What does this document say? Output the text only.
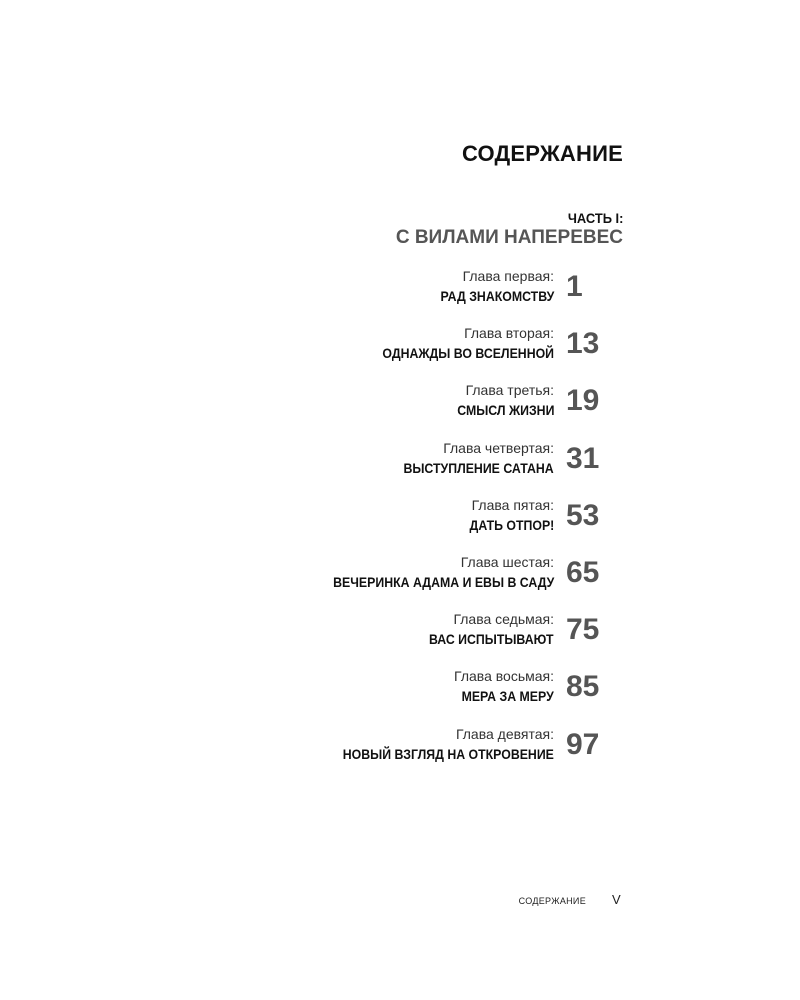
СОДЕРЖАНИЕ
ЧАСТЬ I:
С ВИЛАМИ НАПЕРЕВЕС
Глава первая:
РАД ЗНАКОМСТВУ 1
Глава вторая:
ОДНАЖДЫ ВО ВСЕЛЕННОЙ 13
Глава третья:
СМЫСЛ ЖИЗНИ 19
Глава четвертая:
ВЫСТУПЛЕНИЕ САТАНА 31
Глава пятая:
ДАТЬ ОТПОР! 53
Глава шестая:
ВЕЧЕРИНКА АДАМА И ЕВЫ В САДУ 65
Глава седьмая:
ВАС ИСПЫТЫВАЮТ 75
Глава восьмая:
МЕРА ЗА МЕРУ 85
Глава девятая:
НОВЫЙ ВЗГЛЯД НА ОТКРОВЕНИЕ 97
СОДЕРЖАНИЕ V
